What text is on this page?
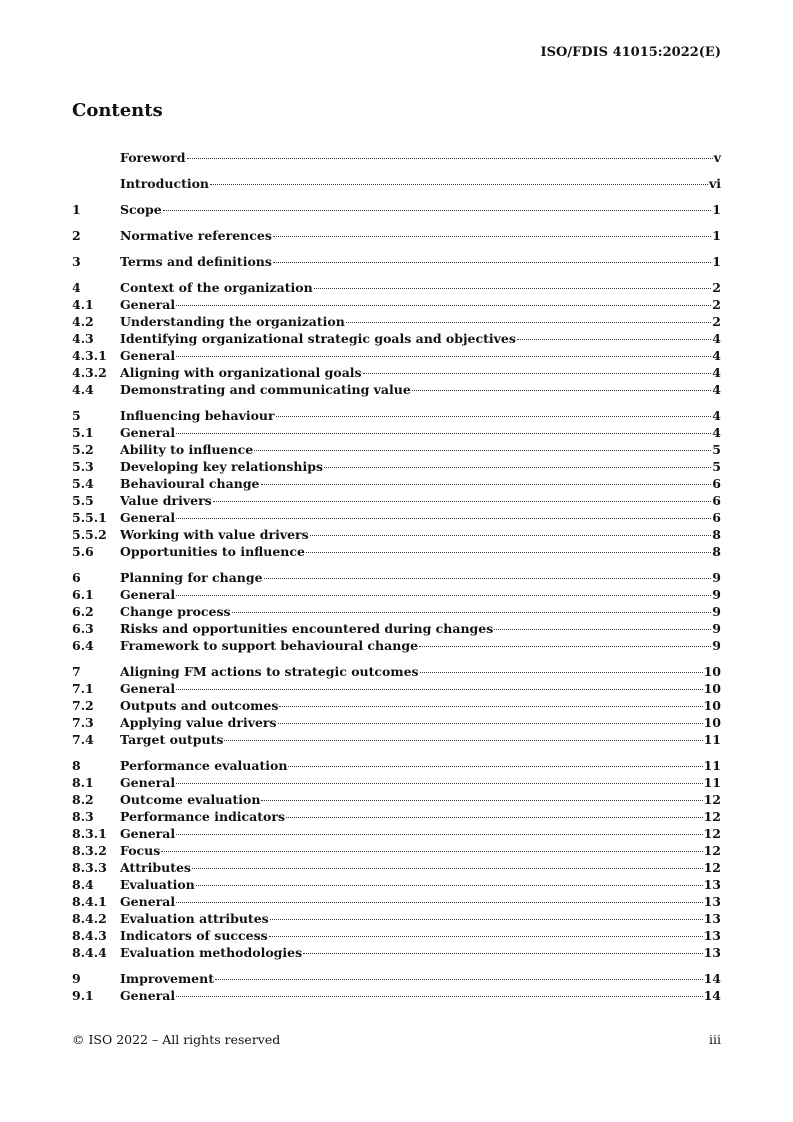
ISO/FDIS 41015:2022(E)
Contents
Foreword	v
Introduction	vi
1	Scope	1
2	Normative references	1
3	Terms and definitions	1
4	Context of the organization	2
4.1	General	2
4.2	Understanding the organization	2
4.3	Identifying organizational strategic goals and objectives	4
4.3.1	General	4
4.3.2	Aligning with organizational goals	4
4.4	Demonstrating and communicating value	4
5	Influencing behaviour	4
5.1	General	4
5.2	Ability to influence	5
5.3	Developing key relationships	5
5.4	Behavioural change	6
5.5	Value drivers	6
5.5.1	General	6
5.5.2	Working with value drivers	8
5.6	Opportunities to influence	8
6	Planning for change	9
6.1	General	9
6.2	Change process	9
6.3	Risks and opportunities encountered during changes	9
6.4	Framework to support behavioural change	9
7	Aligning FM actions to strategic outcomes	10
7.1	General	10
7.2	Outputs and outcomes	10
7.3	Applying value drivers	10
7.4	Target outputs	11
8	Performance evaluation	11
8.1	General	11
8.2	Outcome evaluation	12
8.3	Performance indicators	12
8.3.1	General	12
8.3.2	Focus	12
8.3.3	Attributes	12
8.4	Evaluation	13
8.4.1	General	13
8.4.2	Evaluation attributes	13
8.4.3	Indicators of success	13
8.4.4	Evaluation methodologies	13
9	Improvement	14
9.1	General	14
© ISO 2022 – All rights reserved	iii
